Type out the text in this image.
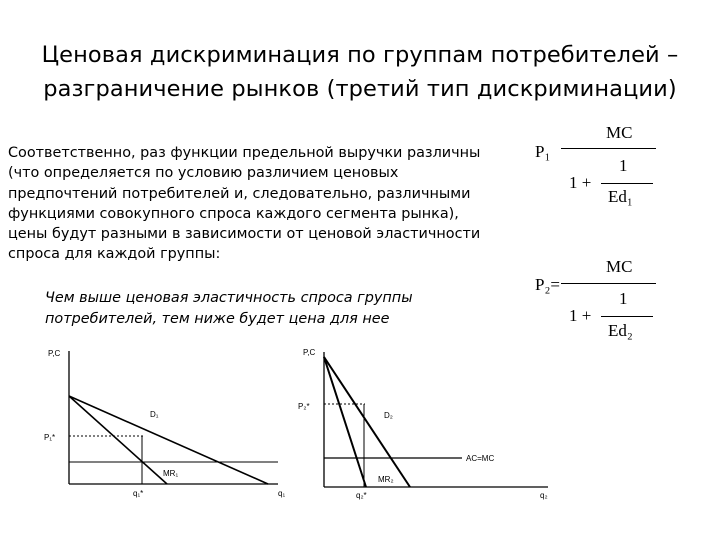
Ценовая дискриминация по группам потребителей –
разграничение рынков (третий тип дискриминации)
Соответственно, раз функции предельной выручки различны
(что определяется по условию различием ценовых
предпочтений потребителей и, следовательно, различными
функциями совокупного спроса каждого сегмента рынка),
цены будут разными в зависимости от ценовой эластичности
спроса для каждой группы:
Чем выше ценовая эластичность спроса группы
потребителей, тем ниже будет цена для нее
P₁
MC
1
1 +
Ed₁
P₂=
MC
1
1 +
Ed₂
P,C
P₁*
D₁
MR₁
q₁*	q₁
P,C
P₂*
D₂
AC=MC
MR₂
q₂*	q₂
